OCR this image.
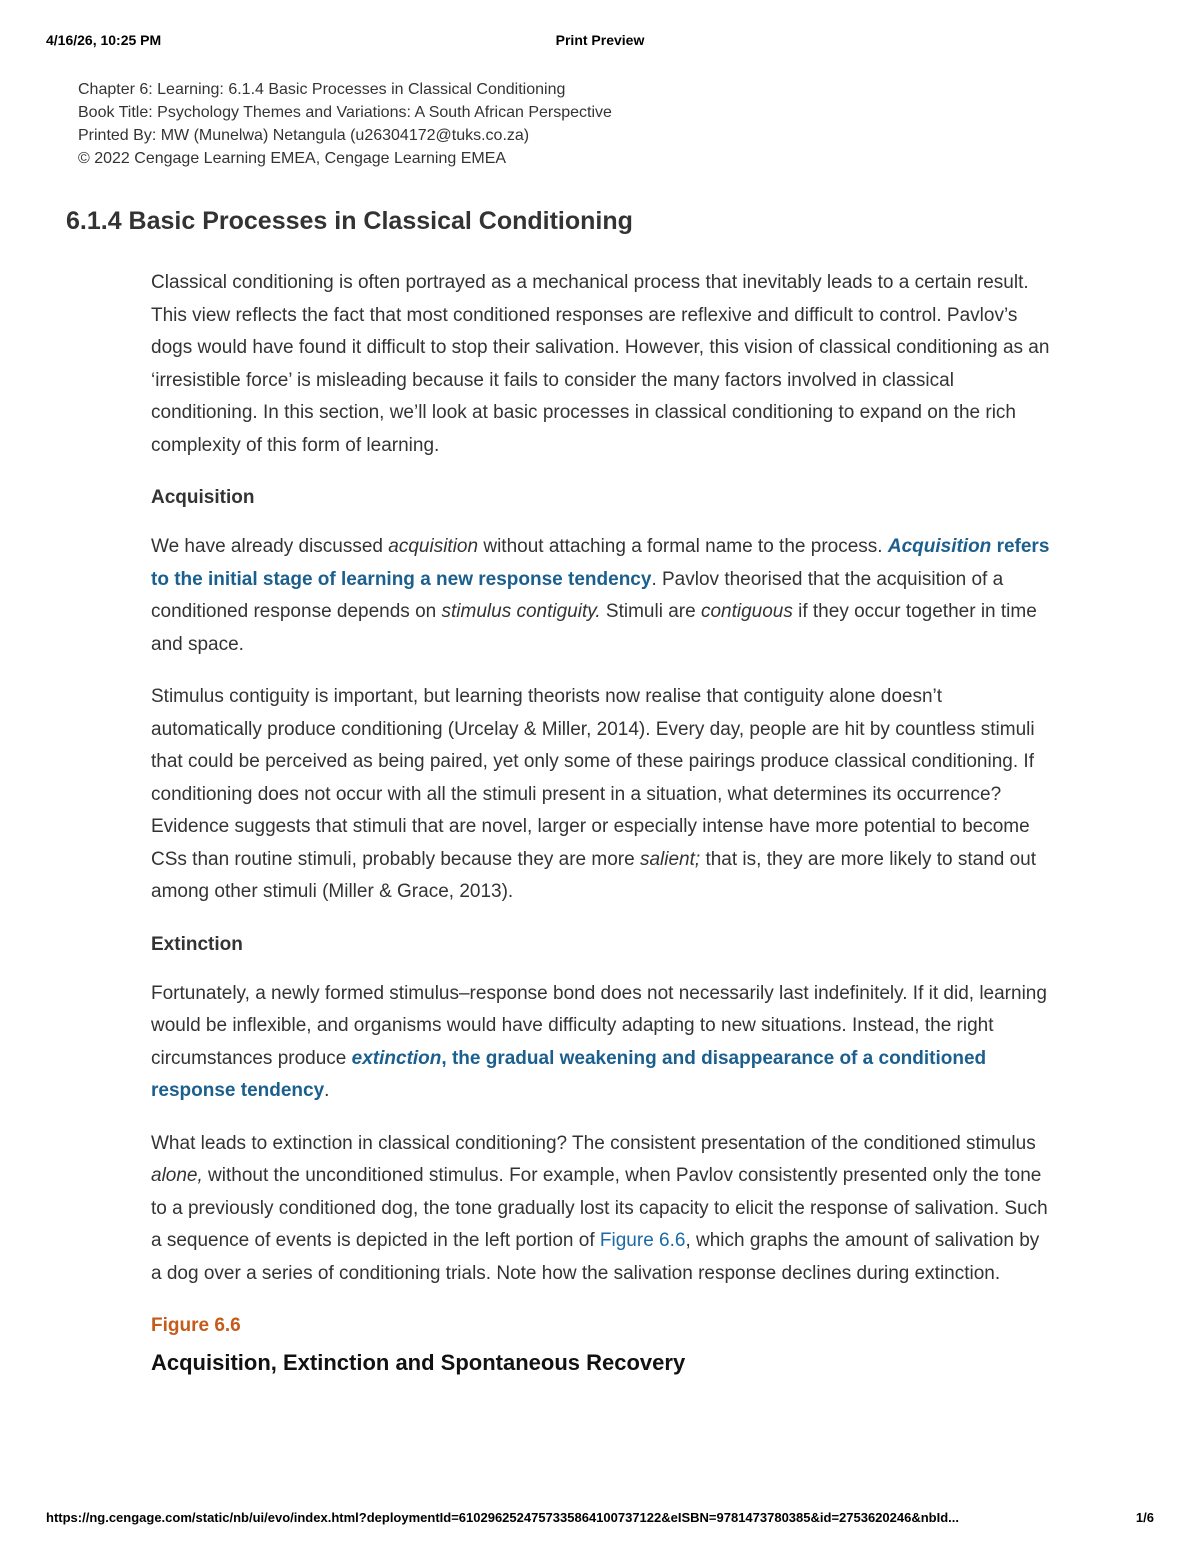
4/16/26, 10:25 PM	Print Preview
Chapter 6: Learning: 6.1.4 Basic Processes in Classical Conditioning
Book Title: Psychology Themes and Variations: A South African Perspective
Printed By: MW (Munelwa) Netangula (u26304172@tuks.co.za)
© 2022 Cengage Learning EMEA, Cengage Learning EMEA
6.1.4 Basic Processes in Classical Conditioning

Classical conditioning is often portrayed as a mechanical process that inevitably leads to a certain result. This view reflects the fact that most conditioned responses are reflexive and difficult to control. Pavlov’s dogs would have found it difficult to stop their salivation. However, this vision of classical conditioning as an ‘irresistible force’ is misleading because it fails to consider the many factors involved in classical conditioning. In this section, we’ll look at basic processes in classical conditioning to expand on the rich complexity of this form of learning.

Acquisition

We have already discussed acquisition without attaching a formal name to the process. Acquisition refers to the initial stage of learning a new response tendency. Pavlov theorised that the acquisition of a conditioned response depends on stimulus contiguity. Stimuli are contiguous if they occur together in time and space.

Stimulus contiguity is important, but learning theorists now realise that contiguity alone doesn’t automatically produce conditioning (Urcelay & Miller, 2014). Every day, people are hit by countless stimuli that could be perceived as being paired, yet only some of these pairings produce classical conditioning. If conditioning does not occur with all the stimuli present in a situation, what determines its occurrence? Evidence suggests that stimuli that are novel, larger or especially intense have more potential to become CSs than routine stimuli, probably because they are more salient; that is, they are more likely to stand out among other stimuli (Miller & Grace, 2013).

Extinction

Fortunately, a newly formed stimulus–response bond does not necessarily last indefinitely. If it did, learning would be inflexible, and organisms would have difficulty adapting to new situations. Instead, the right circumstances produce extinction, the gradual weakening and disappearance of a conditioned response tendency.

What leads to extinction in classical conditioning? The consistent presentation of the conditioned stimulus alone, without the unconditioned stimulus. For example, when Pavlov consistently presented only the tone to a previously conditioned dog, the tone gradually lost its capacity to elicit the response of salivation. Such a sequence of events is depicted in the left portion of Figure 6.6, which graphs the amount of salivation by a dog over a series of conditioning trials. Note how the salivation response declines during extinction.

Figure 6.6
Acquisition, Extinction and Spontaneous Recovery
https://ng.cengage.com/static/nb/ui/evo/index.html?deploymentId=6102962524757335864100737122&eISBN=9781473780385&id=2753620246&nbId...	1/6
